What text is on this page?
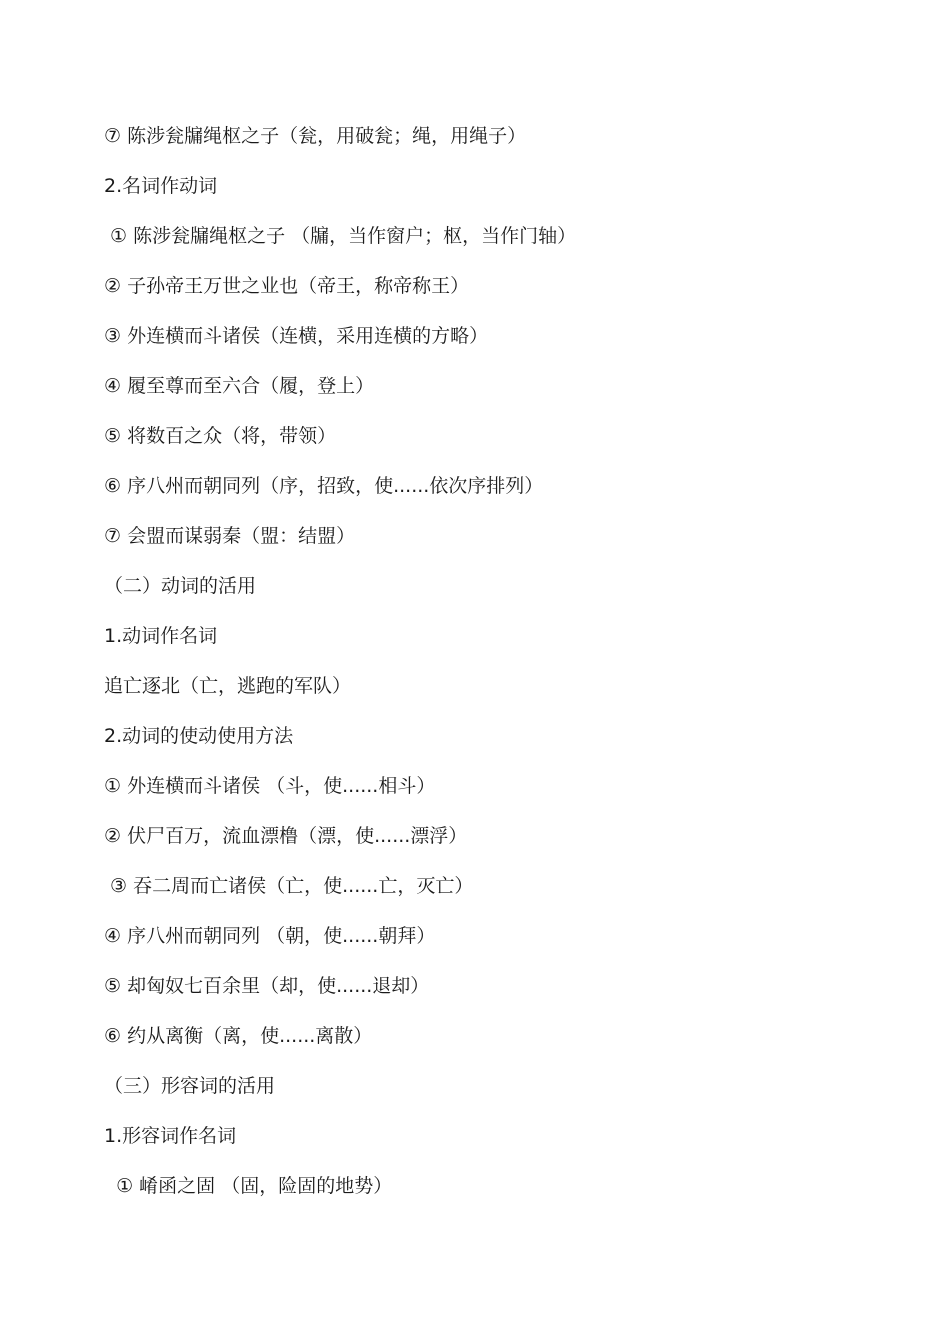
⑦ 陈涉瓮牖绳枢之子（瓮，用破瓮；绳，用绳子）
2.名词作动词
① 陈涉瓮牖绳枢之子 （牖，当作窗户；枢，当作门轴）
② 子孙帝王万世之业也（帝王，称帝称王）
③ 外连横而斗诸侯（连横，采用连横的方略）
④ 履至尊而至六合（履，登上）
⑤ 将数百之众（将，带领）
⑥ 序八州而朝同列（序，招致，使......依次序排列）
⑦ 会盟而谋弱秦（盟：结盟）
（二）动词的活用
1.动词作名词
追亡逐北（亡，逃跑的军队）
2.动词的使动使用方法
① 外连横而斗诸侯 （斗，使......相斗）
② 伏尸百万，流血漂橹（漂，使......漂浮）
③ 吞二周而亡诸侯（亡，使......亡，灭亡）
④ 序八州而朝同列 （朝，使......朝拜）
⑤ 却匈奴七百余里（却，使......退却）
⑥ 约从离衡（离，使......离散）
（三）形容词的活用
1.形容词作名词
① 崤函之固 （固，险固的地势）
